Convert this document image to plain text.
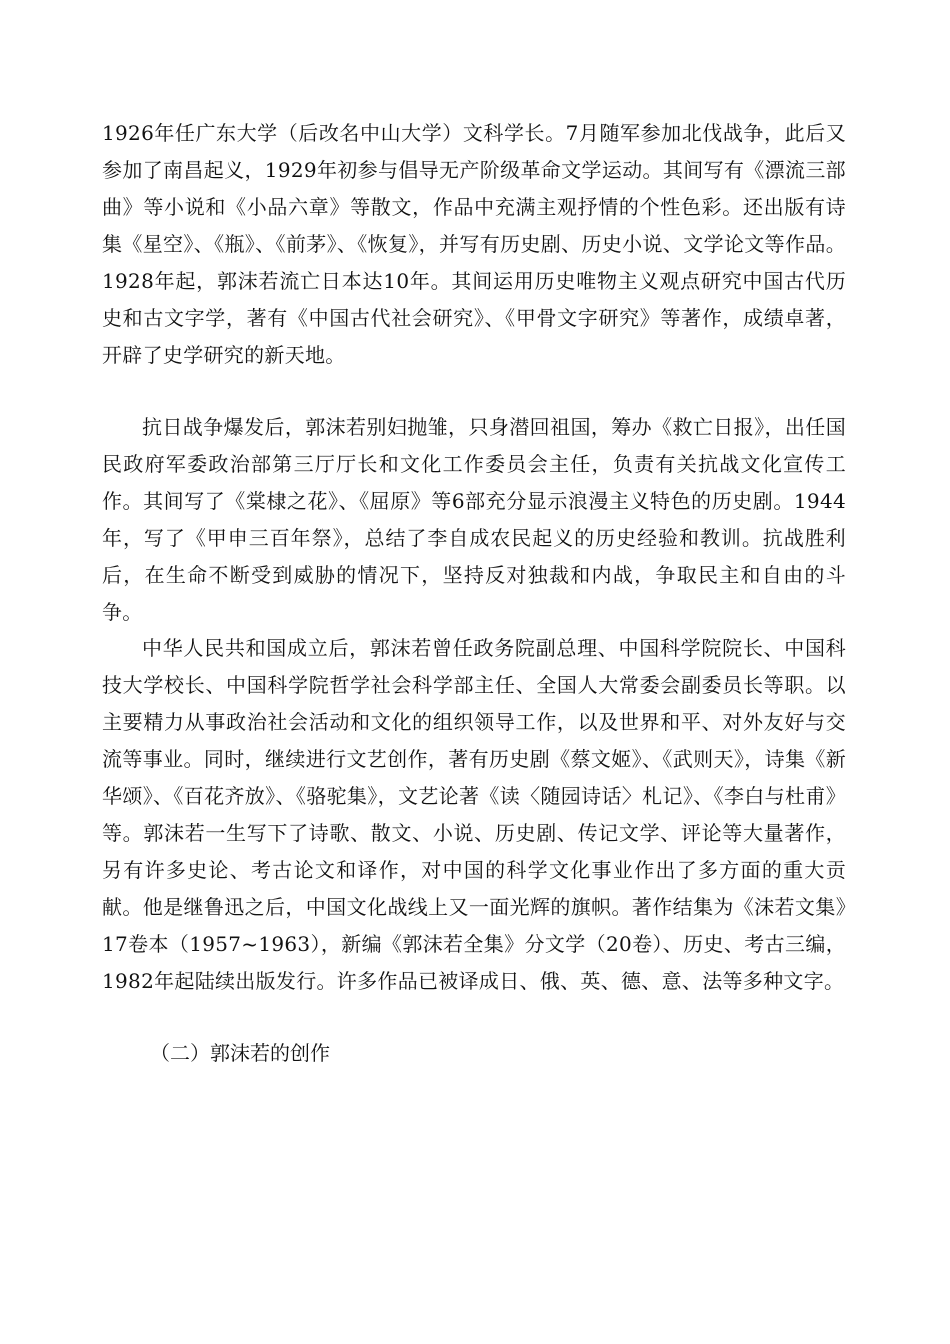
1926年任广东大学（后改名中山大学）文科学长。7月随军参加北伐战争，此后又参加了南昌起义，1929年初参与倡导无产阶级革命文学运动。其间写有《漂流三部曲》等小说和《小品六章》等散文，作品中充满主观抒情的个性色彩。还出版有诗集《星空》、《瓶》、《前茅》、《恢复》，并写有历史剧、历史小说、文学论文等作品。1928年起，郭沫若流亡日本达10年。其间运用历史唯物主义观点研究中国古代历史和古文字学，著有《中国古代社会研究》、《甲骨文字研究》等著作，成绩卓著，开辟了史学研究的新天地。

抗日战争爆发后，郭沫若别妇抛雏，只身潜回祖国，筹办《救亡日报》，出任国民政府军委政治部第三厅厅长和文化工作委员会主任，负责有关抗战文化宣传工作。其间写了《棠棣之花》、《屈原》等6部充分显示浪漫主义特色的历史剧。1944年，写了《甲申三百年祭》，总结了李自成农民起义的历史经验和教训。抗战胜利后，在生命不断受到威胁的情况下，坚持反对独裁和内战，争取民主和自由的斗争。

中华人民共和国成立后，郭沫若曾任政务院副总理、中国科学院院长、中国科技大学校长、中国科学院哲学社会科学部主任、全国人大常委会副委员长等职。以主要精力从事政治社会活动和文化的组织领导工作，以及世界和平、对外友好与交流等事业。同时，继续进行文艺创作，著有历史剧《蔡文姬》、《武则天》，诗集《新华颂》、《百花齐放》、《骆驼集》，文艺论著《读〈随园诗话〉札记》、《李白与杜甫》等。郭沫若一生写下了诗歌、散文、小说、历史剧、传记文学、评论等大量著作，另有许多史论、考古论文和译作，对中国的科学文化事业作出了多方面的重大贡献。他是继鲁迅之后，中国文化战线上又一面光辉的旗帜。著作结集为《沫若文集》17卷本（1957~1963），新编《郭沫若全集》分文学（20卷）、历史、考古三编，1982年起陆续出版发行。许多作品已被译成日、俄、英、德、意、法等多种文字。

（二）郭沫若的创作
